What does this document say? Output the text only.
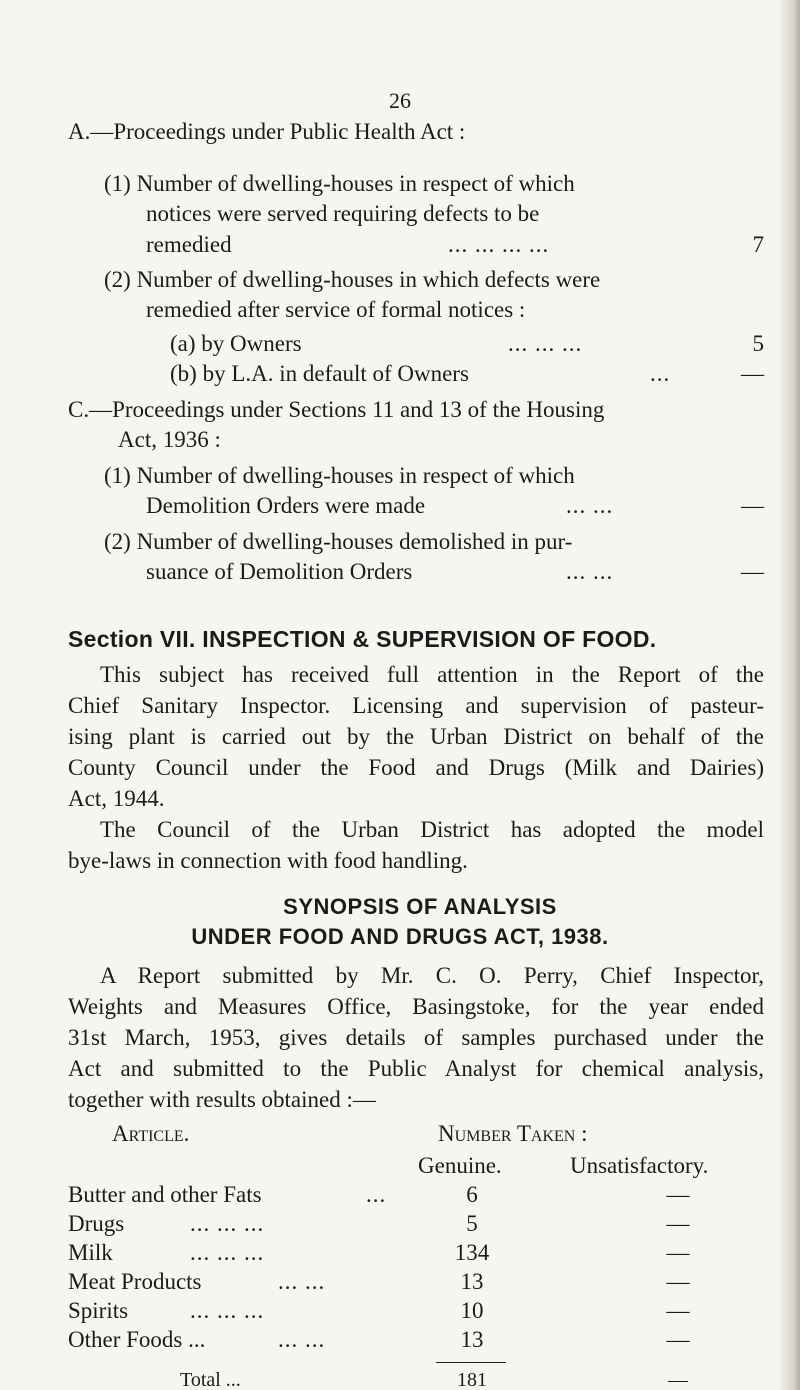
26
A.—Proceedings under Public Health Act :
(1) Number of dwelling-houses in respect of which
notices were served requiring defects to be
remedied	... ... ... ...	7
(2) Number of dwelling-houses in which defects were
remedied after service of formal notices :
(a) by Owners	... ... ...	5
(b) by L.A. in default of Owners	...	—
C.—Proceedings under Sections 11 and 13 of the Housing
Act, 1936 :
(1) Number of dwelling-houses in respect of which
Demolition Orders were made	... ...	—
(2) Number of dwelling-houses demolished in pur-
suance of Demolition Orders	... ...	—
Section VII. INSPECTION & SUPERVISION OF FOOD.
This subject has received full attention in the Report of the
Chief Sanitary Inspector. Licensing and supervision of pasteur-
ising plant is carried out by the Urban District on behalf of the
County Council under the Food and Drugs (Milk and Dairies)
Act, 1944.
The Council of the Urban District has adopted the model
bye-laws in connection with food handling.
SYNOPSIS OF ANALYSIS
UNDER FOOD AND DRUGS ACT, 1938.
A Report submitted by Mr. C. O. Perry, Chief Inspector,
Weights and Measures Office, Basingstoke, for the year ended
31st March, 1953, gives details of samples purchased under the
Act and submitted to the Public Analyst for chemical analysis,
together with results obtained :—
Article.	Number Taken :
Genuine.	Unsatisfactory.
Butter and other Fats	...	6	—
Drugs	... ... ...	5	—
Milk	... ... ...	134	—
Meat Products	... ...	13	—
Spirits	... ... ...	10	—
Other Foods ...	... ...	13	—
Total ...	181	—
